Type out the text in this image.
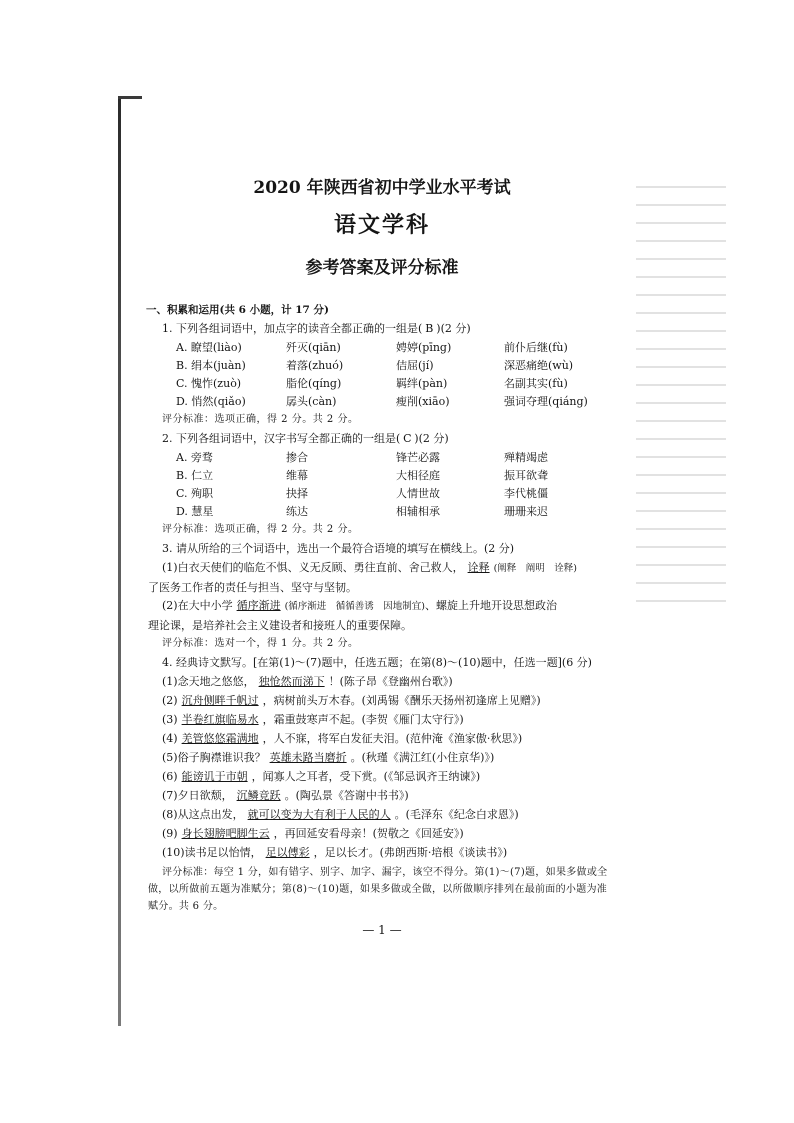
2020 年陕西省初中学业水平考试
语文学科
参考答案及评分标准
一、积累和运用(共 6 小题，计 17 分)
1. 下列各组词语中，加点字的读音全都正确的一组是( B )(2 分)
A. 瞭望(liào)	歼灭(qiān)	娉婷(pīng)	前仆后继(fù)
B. 绢本(juàn)	着落(zhuó)	佶屈(jí)	深恶痛绝(wù)
C. 愧怍(zuò)	脂伦(qíng)	羁绊(pàn)	名副其实(fù)
D. 悄然(qiǎo)	孱头(càn)	瘦削(xiāo)	强词夺理(qiáng)
评分标准：选项正确，得 2 分。共 2 分。
2. 下列各组词语中，汉字书写全都正确的一组是( C )(2 分)
A. 旁骛	掺合	锋芒必露	殚精竭虑
B. 仁立	维幕	大相径庭	振耳欲聋
C. 殉职	抉择	人情世故	李代桃僵
D. 慧星	练达	相辅相承	珊珊来迟
评分标准：选项正确，得 2 分。共 2 分。
3. 请从所给的三个词语中，选出一个最符合语境的填写在横线上。(2 分)
(1)白衣天使们的临危不惧、义无反顾、勇往直前、舍己救人， 诠释 (阐释　阐明　诠释)
了医务工作者的责任与担当、坚守与坚韧。
(2)在大中小学 循序渐进 (循序渐进　循循善诱　因地制宜)、螺旋上升地开设思想政治
理论课，是培养社会主义建设者和接班人的重要保障。
评分标准：选对一个，得 1 分。共 2 分。
4. 经典诗文默写。[在第(1)～(7)题中，任选五题；在第(8)～(10)题中，任选一题](6 分)
(1)念天地之悠悠， 独怆然而涕下 ！(陈子昂《登幽州台歌》)
(2) 沉舟侧畔千帆过 ，病树前头万木春。(刘禹锡《酬乐天扬州初逢席上见赠》)
(3) 半卷红旗临易水 ，霜重鼓寒声不起。(李贺《雁门太守行》)
(4) 羌管悠悠霜满地 ，人不寐，将军白发征夫泪。(范仲淹《渔家傲·秋思》)
(5)俗子胸襟谁识我？ 英雄未路当磨折 。(秋瑾《满江红(小住京华)》)
(6) 能谤讥于市朝 ，闻寡人之耳者，受下赏。(《邹忌讽齐王纳谏》)
(7)夕日欲颓， 沉鳞竞跃 。(陶弘景《答谢中书书》)
(8)从这点出发， 就可以变为大有利于人民的人 。(毛泽东《纪念白求恩》)
(9) 身长翅膀吧脚生云 ，再回延安看母亲！(贺敬之《回延安》)
(10)读书足以怡情， 足以傅彩 ，足以长才。(弗朗西斯·培根《谈读书》)
评分标准：每空 1 分，如有错字、别字、加字、漏字，该空不得分。第(1)～(7)题，如果多做或全做，以所做前五题为准赋分；第(8)～(10)题，如果多做或全做，以所做顺序排列在最前面的小题为准赋分。共 6 分。
— 1 —
